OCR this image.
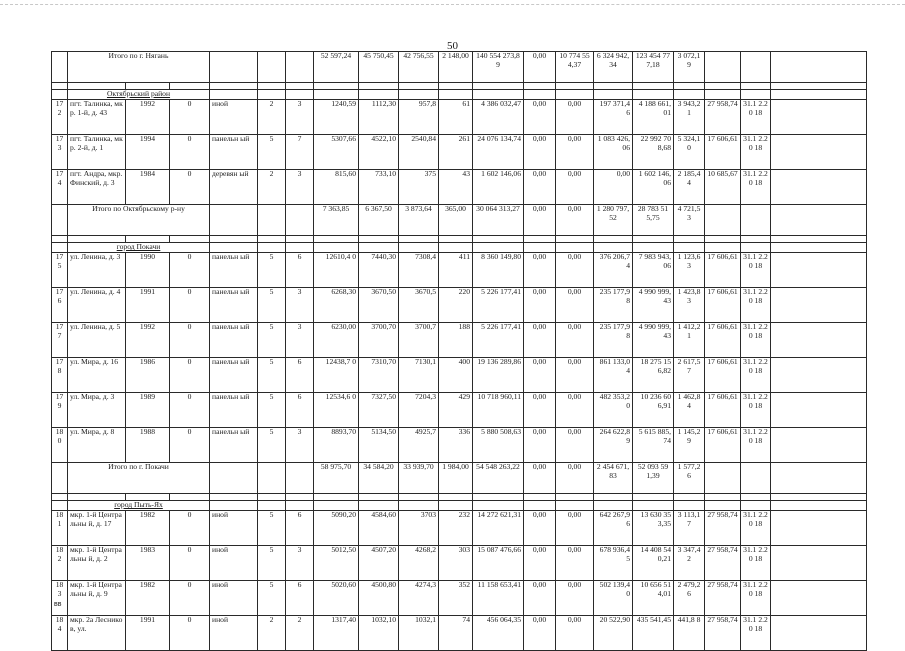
50
	Итого по г. Нягань						52 597,24	45 750,45	42 756,55	2 148,00	140 554 273,89	0,00	10 774 554,37	6 324 942,34	123 454 777,18	3 072,1 9			

	Октябрьский район																		
17 2	пгт. Талинка, мкр. 1-й, д. 43	1992	0	иной	2	3	1240,59	1112,30	957,8	61	4 386 032,47	0,00	0,00	197 371,46	4 188 661,01	3 943,2 1	27 958,74	31.1 2.20 18	
17 3	пгт. Талинка, мкр. 2-й, д. 1	1994	0	панельн ый	5	7	5307,66	4522,10	2540,84	261	24 076 134,74	0,00	0,00	1 083 426,06	22 992 708,68	5 324,1 0	17 606,61	31.1 2.20 18	
17 4	пгт. Андра, мкр. Финский, д. 3	1984	0	деревян ый	2	3	815,60	733,10	375	43	1 602 146,06	0,00	0,00	0,00	1 602 146,06	2 185,4 4	10 685,67	31.1 2.20 18	
	Итого по Октябрьскому р-ну						7 363,85	6 367,50	3 873,64	365,00	30 064 313,27	0,00	0,00	1 280 797,52	28 783 515,75	4 721,5 3			

	город Покачи																		
17 5	ул. Ленина, д. 3	1990	0	панельн ый	5	6	12610,4 0	7440,30	7308,4	411	8 360 149,80	0,00	0,00	376 206,74	7 983 943,06	1 123,6 3	17 606,61	31.1 2.20 18	
17 6	ул. Ленина, д. 4	1991	0	панельн ый	5	3	6268,30	3670,50	3670,5	220	5 226 177,41	0,00	0,00	235 177,98	4 990 999,43	1 423,8 3	17 606,61	31.1 2.20 18	
17 7	ул. Ленина, д. 5	1992	0	панельн ый	5	3	6230,00	3700,70	3700,7	188	5 226 177,41	0,00	0,00	235 177,98	4 990 999,43	1 412,2 1	17 606,61	31.1 2.20 18	
17 8	ул. Мира, д. 16	1986	0	панельн ый	5	6	12438,7 0	7310,70	7130,1	400	19 136 289,86	0,00	0,00	861 133,04	18 275 156,82	2 617,5 7	17 606,61	31.1 2.20 18	
17 9	ул. Мира, д. 3	1989	0	панельн ый	5	6	12534,6 0	7327,50	7204,3	429	10 718 960,11	0,00	0,00	482 353,20	10 236 606,91	1 462,8 4	17 606,61	31.1 2.20 18	
18 0	ул. Мира, д. 8	1988	0	панельн ый	5	3	8893,70	5134,50	4925,7	336	5 880 508,63	0,00	0,00	264 622,89	5 615 885,74	1 145,2 9	17 606,61	31.1 2.20 18	
	Итого по г. Покачи						58 975,70	34 584,20	33 939,70	1 984,00	54 548 263,22	0,00	0,00	2 454 671,83	52 093 591,39	1 577,2 6			

	город Пыть-Ях																		
18 1	мкр. 1-й Центральны й, д. 17	1982	0	иной	5	6	5090,20	4584,60	3703	232	14 272 621,31	0,00	0,00	642 267,96	13 630 353,35	3 113,1 7	27 958,74	31.1 2.20 18	
18 2	мкр. 1-й Центральны й, д. 2	1983	0	иной	5	3	5012,50	4507,20	4268,2	303	15 087 476,66	0,00	0,00	678 936,45	14 408 540,21	3 347,4 2	27 958,74	31.1 2.20 18	
18 3	мкр. 1-й Центральны й, д. 9	1982	0	иной	5	6	5020,60	4500,80	4274,3	352	11 158 653,41	0,00	0,00	502 139,40	10 656 514,01	2 479,2 6	27 958,74	31.1 2.20 18	
18 4	мкр. 2а Лесников, ул.	1991	0	иной	2	2	1317,40	1032,10	1032,1	74	456 064,35	0,00	0,00	20 522,90	435 541,45	441,8 8	27 958,74	31.1 2.20 18	
вв
